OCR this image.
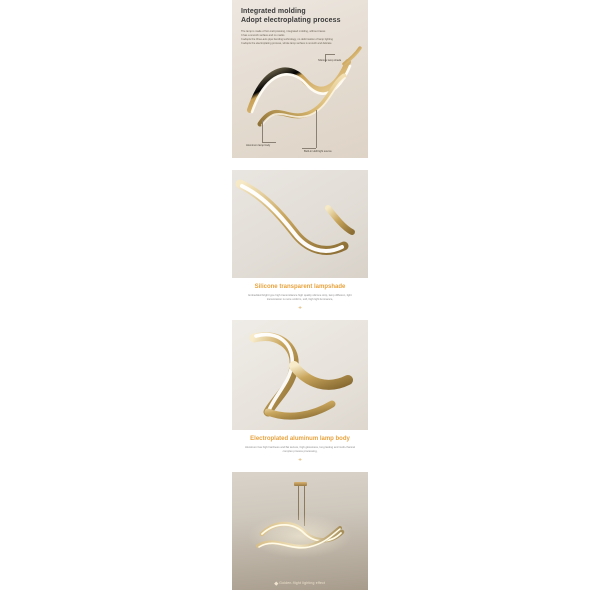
Integrated molding
Adopt electroplating process
The lamp is made of hot-melt pressing, integrated molding, without traces
It has a smooth surface and no marks
It adopts the three-axis pipe bending technology, no deformation of lamp lighting
It adopts the electroplating process, whole lamp surface is smooth and delicate
Silicone lamp shade
Aluminum lamp body
Built-in LED light source
Silicone transparent lampshade
Embedded bright type high transmittance high quality silicone strip, lamp diffusion, light transmission is more uniform, soft, high light luminance,
✛
Electroplated aluminum lamp body
Aluminum has high hardness and flat texture, high glossiness, long lasting and multi-channel complex process processing,
✛
Golden-flight lighting effect
